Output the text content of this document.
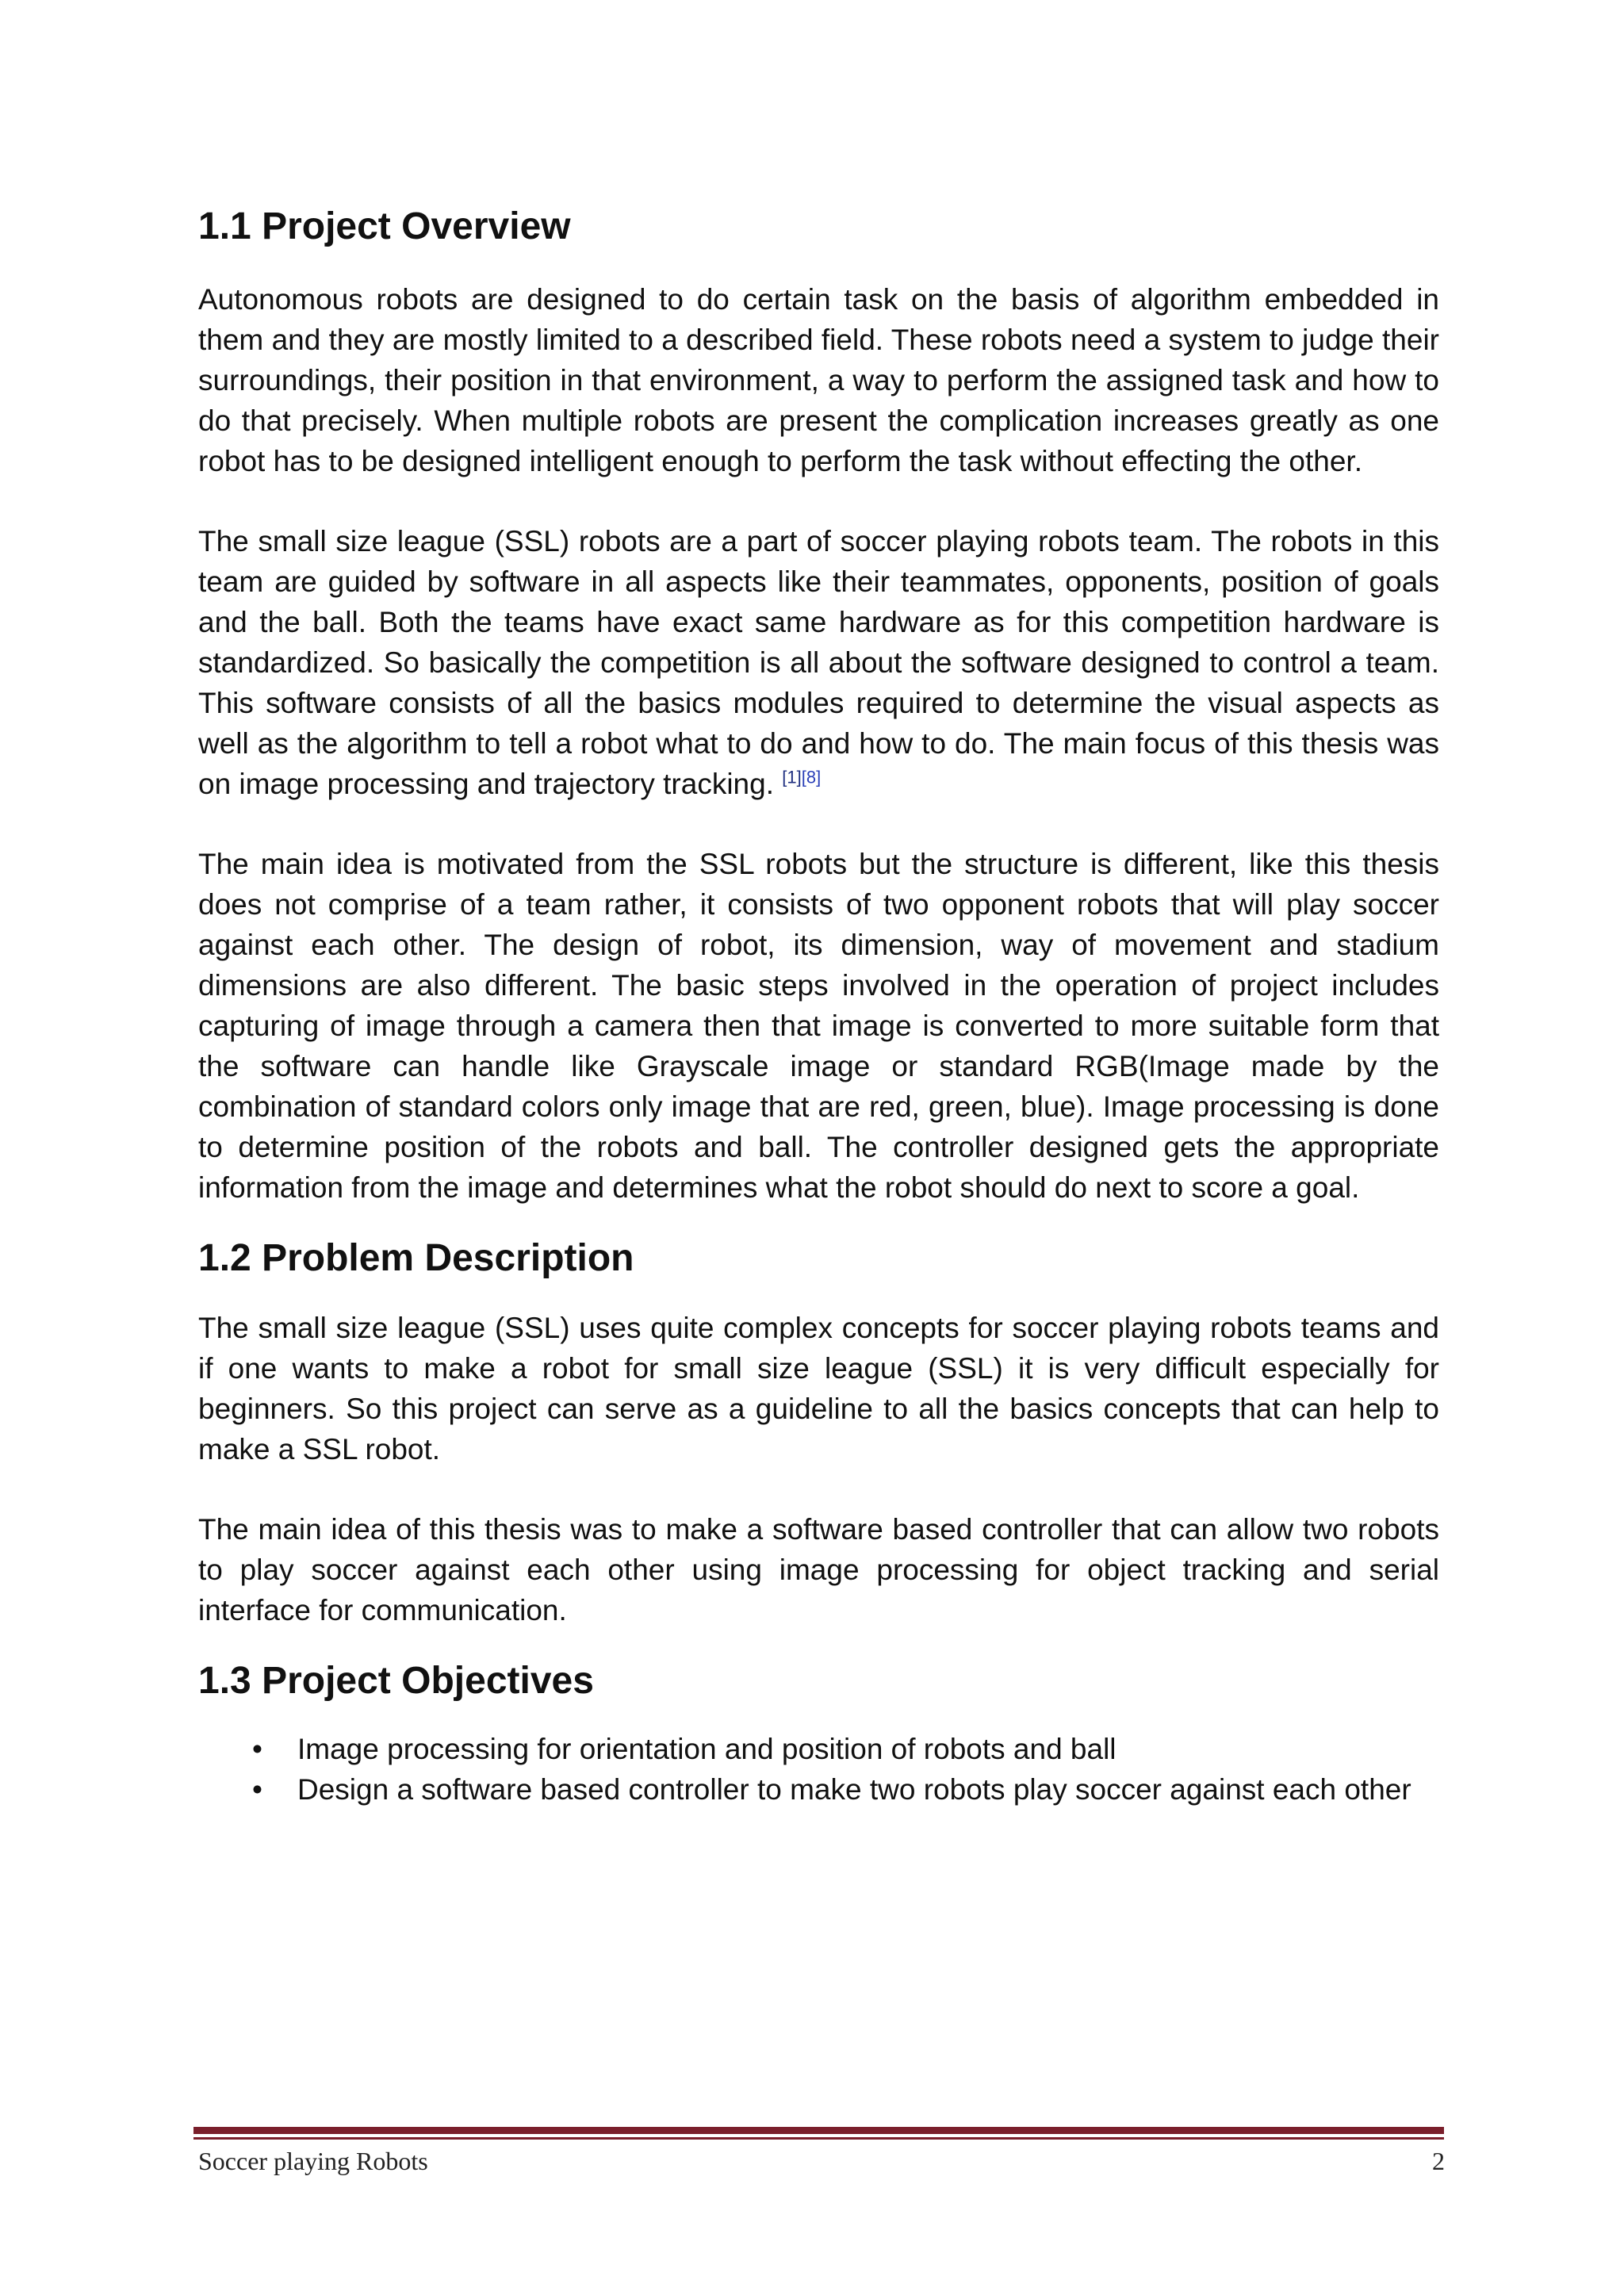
1.1 Project Overview

Autonomous robots are designed to do certain task on the basis of algorithm embedded in them and they are mostly limited to a described field. These robots need a system to judge their surroundings, their position in that environment, a way to perform the assigned task and how to do that precisely. When multiple robots are present the complication increases greatly as one robot has to be designed intelligent enough to perform the task without effecting the other.

The small size league (SSL) robots are a part of soccer playing robots team. The robots in this team are guided by software in all aspects like their teammates, opponents, position of goals and the ball. Both the teams have exact same hardware as for this competition hardware is standardized. So basically the competition is all about the software designed to control a team. This software consists of all the basics modules required to determine the visual aspects as well as the algorithm to tell a robot what to do and how to do. The main focus of this thesis was on image processing and trajectory tracking. [1][8]

The main idea is motivated from the SSL robots but the structure is different, like this thesis does not comprise of a team rather, it consists of two opponent robots that will play soccer against each other. The design of robot, its dimension, way of movement and stadium dimensions are also different. The basic steps involved in the operation of project includes capturing of image through a camera then that image is converted to more suitable form that the software can handle like Grayscale image or standard RGB(Image made by the combination of standard colors only image that are red, green, blue). Image processing is done to determine position of the robots and ball. The controller designed gets the appropriate information from the image and determines what the robot should do next to score a goal.

1.2 Problem Description

The small size league (SSL) uses quite complex concepts for soccer playing robots teams and if one wants to make a robot for small size league (SSL) it is very difficult especially for beginners. So this project can serve as a guideline to all the basics concepts that can help to make a SSL robot.

The main idea of this thesis was to make a software based controller that can allow two robots to play soccer against each other using image processing for object tracking and serial interface for communication.

1.3 Project Objectives
• Image processing for orientation and position of robots and ball
• Design a software based controller to make two robots play soccer against each other
Soccer playing Robots	2
